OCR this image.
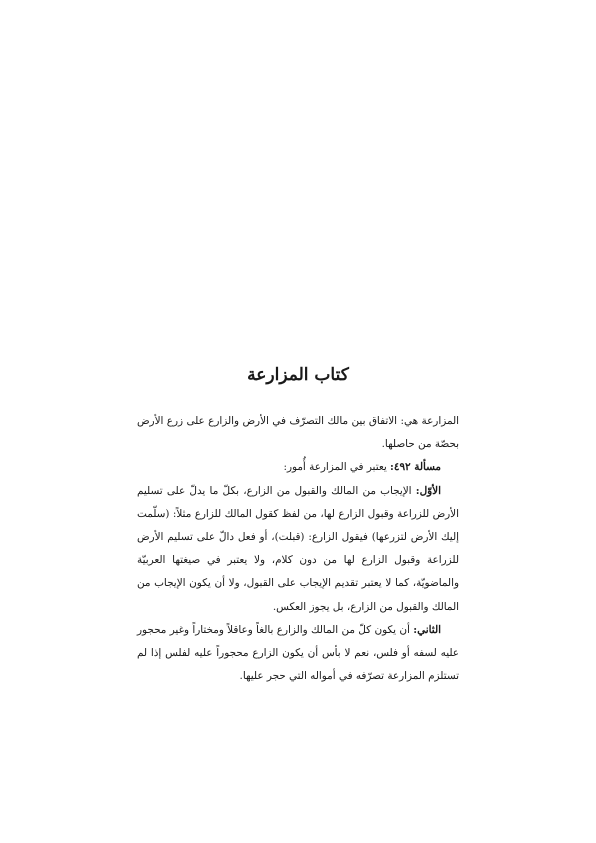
كتاب المزارعة

المزارعة هي: الاتفاق بين مالك التصرّف في الأرض والزارع على زرع الأرض بحصّة من حاصلها.

مسألة ٤٩٢: يعتبر في المزارعة أُمور:

الأوّل: الإيجاب من المالك والقبول من الزارع، بكلّ ما يدلّ على تسليم الأرض للزراعة وقبول الزارع لها، من لفظ كقول المالك للزارع مثلاً: (سلّمت إليك الأرض لتزرعها) فيقول الزارع: (قبلت)، أو فعل دالّ على تسليم الأرض للزراعة وقبول الزارع لها من دون كلام، ولا يعتبر في صيغتها العربيّة والماضويّة، كما لا يعتبر تقديم الإيجاب على القبول، ولا أن يكون الإيجاب من المالك والقبول من الزارع، بل يجوز العكس.

الثاني: أن يكون كلّ من المالك والزارع بالغاً وعاقلاً ومختاراً وغير محجور عليه لسفه أو فلس، نعم لا بأس أن يكون الزارع محجوراً عليه لفلس إذا لم تستلزم المزارعة تصرّفه في أمواله التي حجر عليها.
